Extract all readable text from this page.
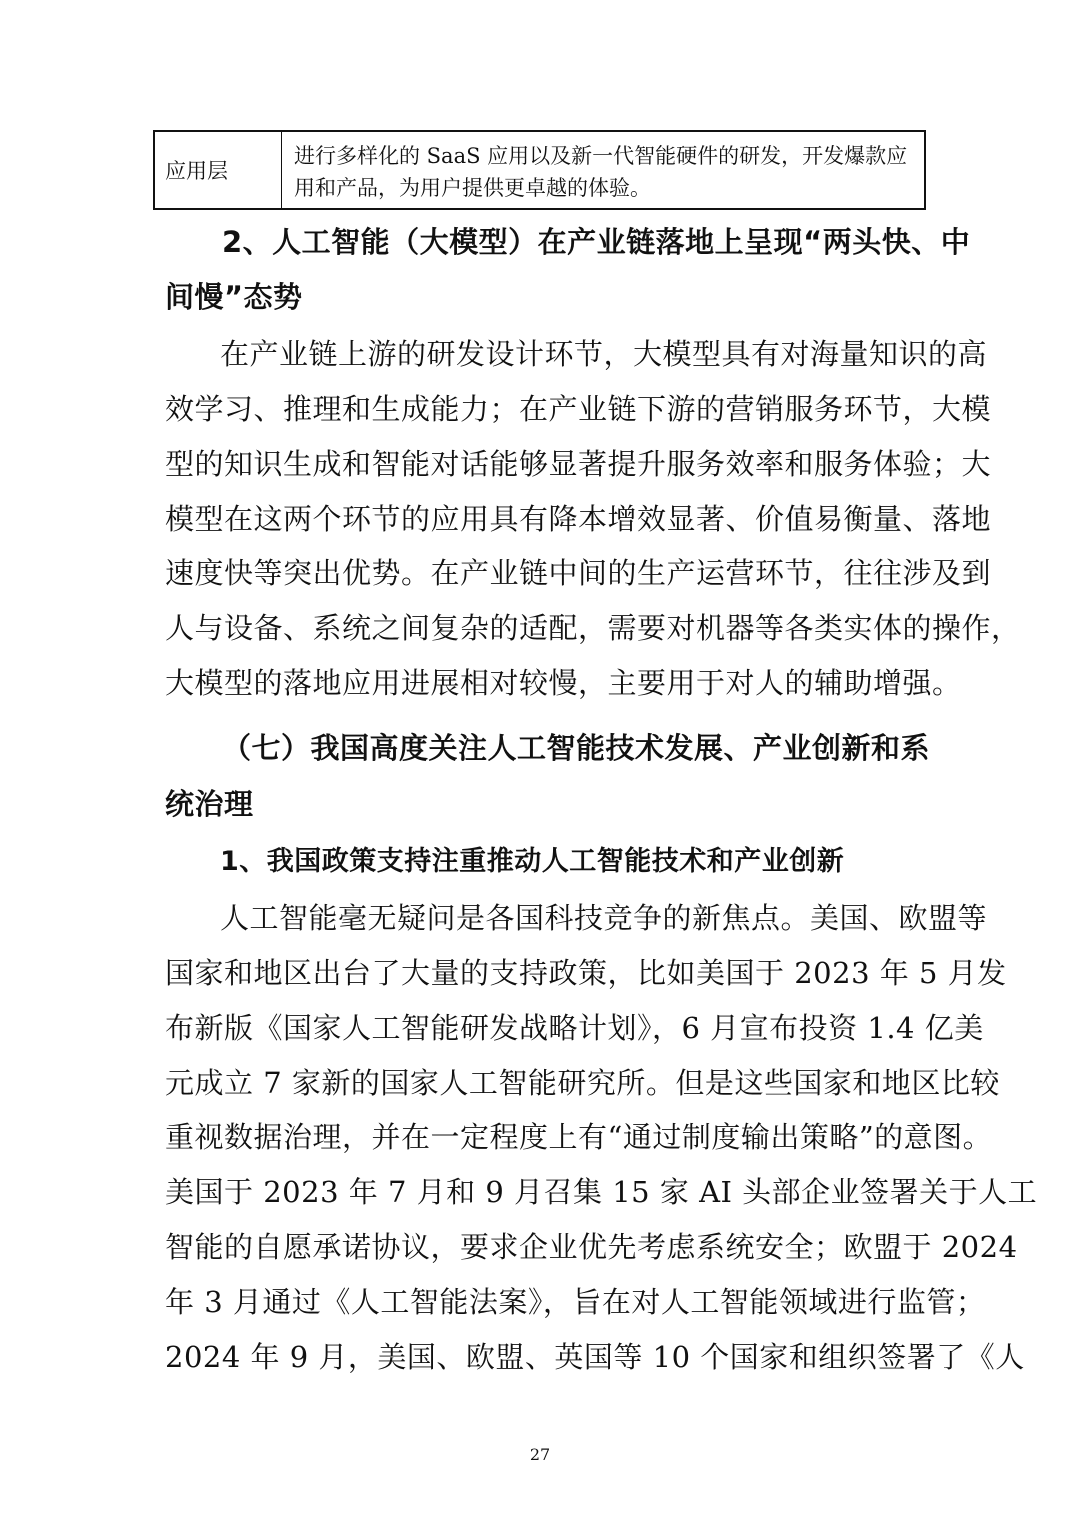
应用层
进行多样化的 SaaS 应用以及新一代智能硬件的研发，开发爆款应
用和产品，为用户提供更卓越的体验。
2、人工智能（大模型）在产业链落地上呈现“两头快、中
间慢”态势
在产业链上游的研发设计环节，大模型具有对海量知识的高
效学习、推理和生成能力；在产业链下游的营销服务环节，大模
型的知识生成和智能对话能够显著提升服务效率和服务体验；大
模型在这两个环节的应用具有降本增效显著、价值易衡量、落地
速度快等突出优势。在产业链中间的生产运营环节，往往涉及到
人与设备、系统之间复杂的适配，需要对机器等各类实体的操作，
大模型的落地应用进展相对较慢，主要用于对人的辅助增强。
（七）我国高度关注人工智能技术发展、产业创新和系
统治理
1、我国政策支持注重推动人工智能技术和产业创新
人工智能毫无疑问是各国科技竞争的新焦点。美国、欧盟等
国家和地区出台了大量的支持政策，比如美国于 2023 年 5 月发
布新版《国家人工智能研发战略计划》，6 月宣布投资 1.4 亿美
元成立 7 家新的国家人工智能研究所。但是这些国家和地区比较
重视数据治理，并在一定程度上有“通过制度输出策略”的意图。
美国于 2023 年 7 月和 9 月召集 15 家 AI 头部企业签署关于人工
智能的自愿承诺协议，要求企业优先考虑系统安全；欧盟于 2024
年 3 月通过《人工智能法案》，旨在对人工智能领域进行监管；
2024 年 9 月，美国、欧盟、英国等 10 个国家和组织签署了《人
27
